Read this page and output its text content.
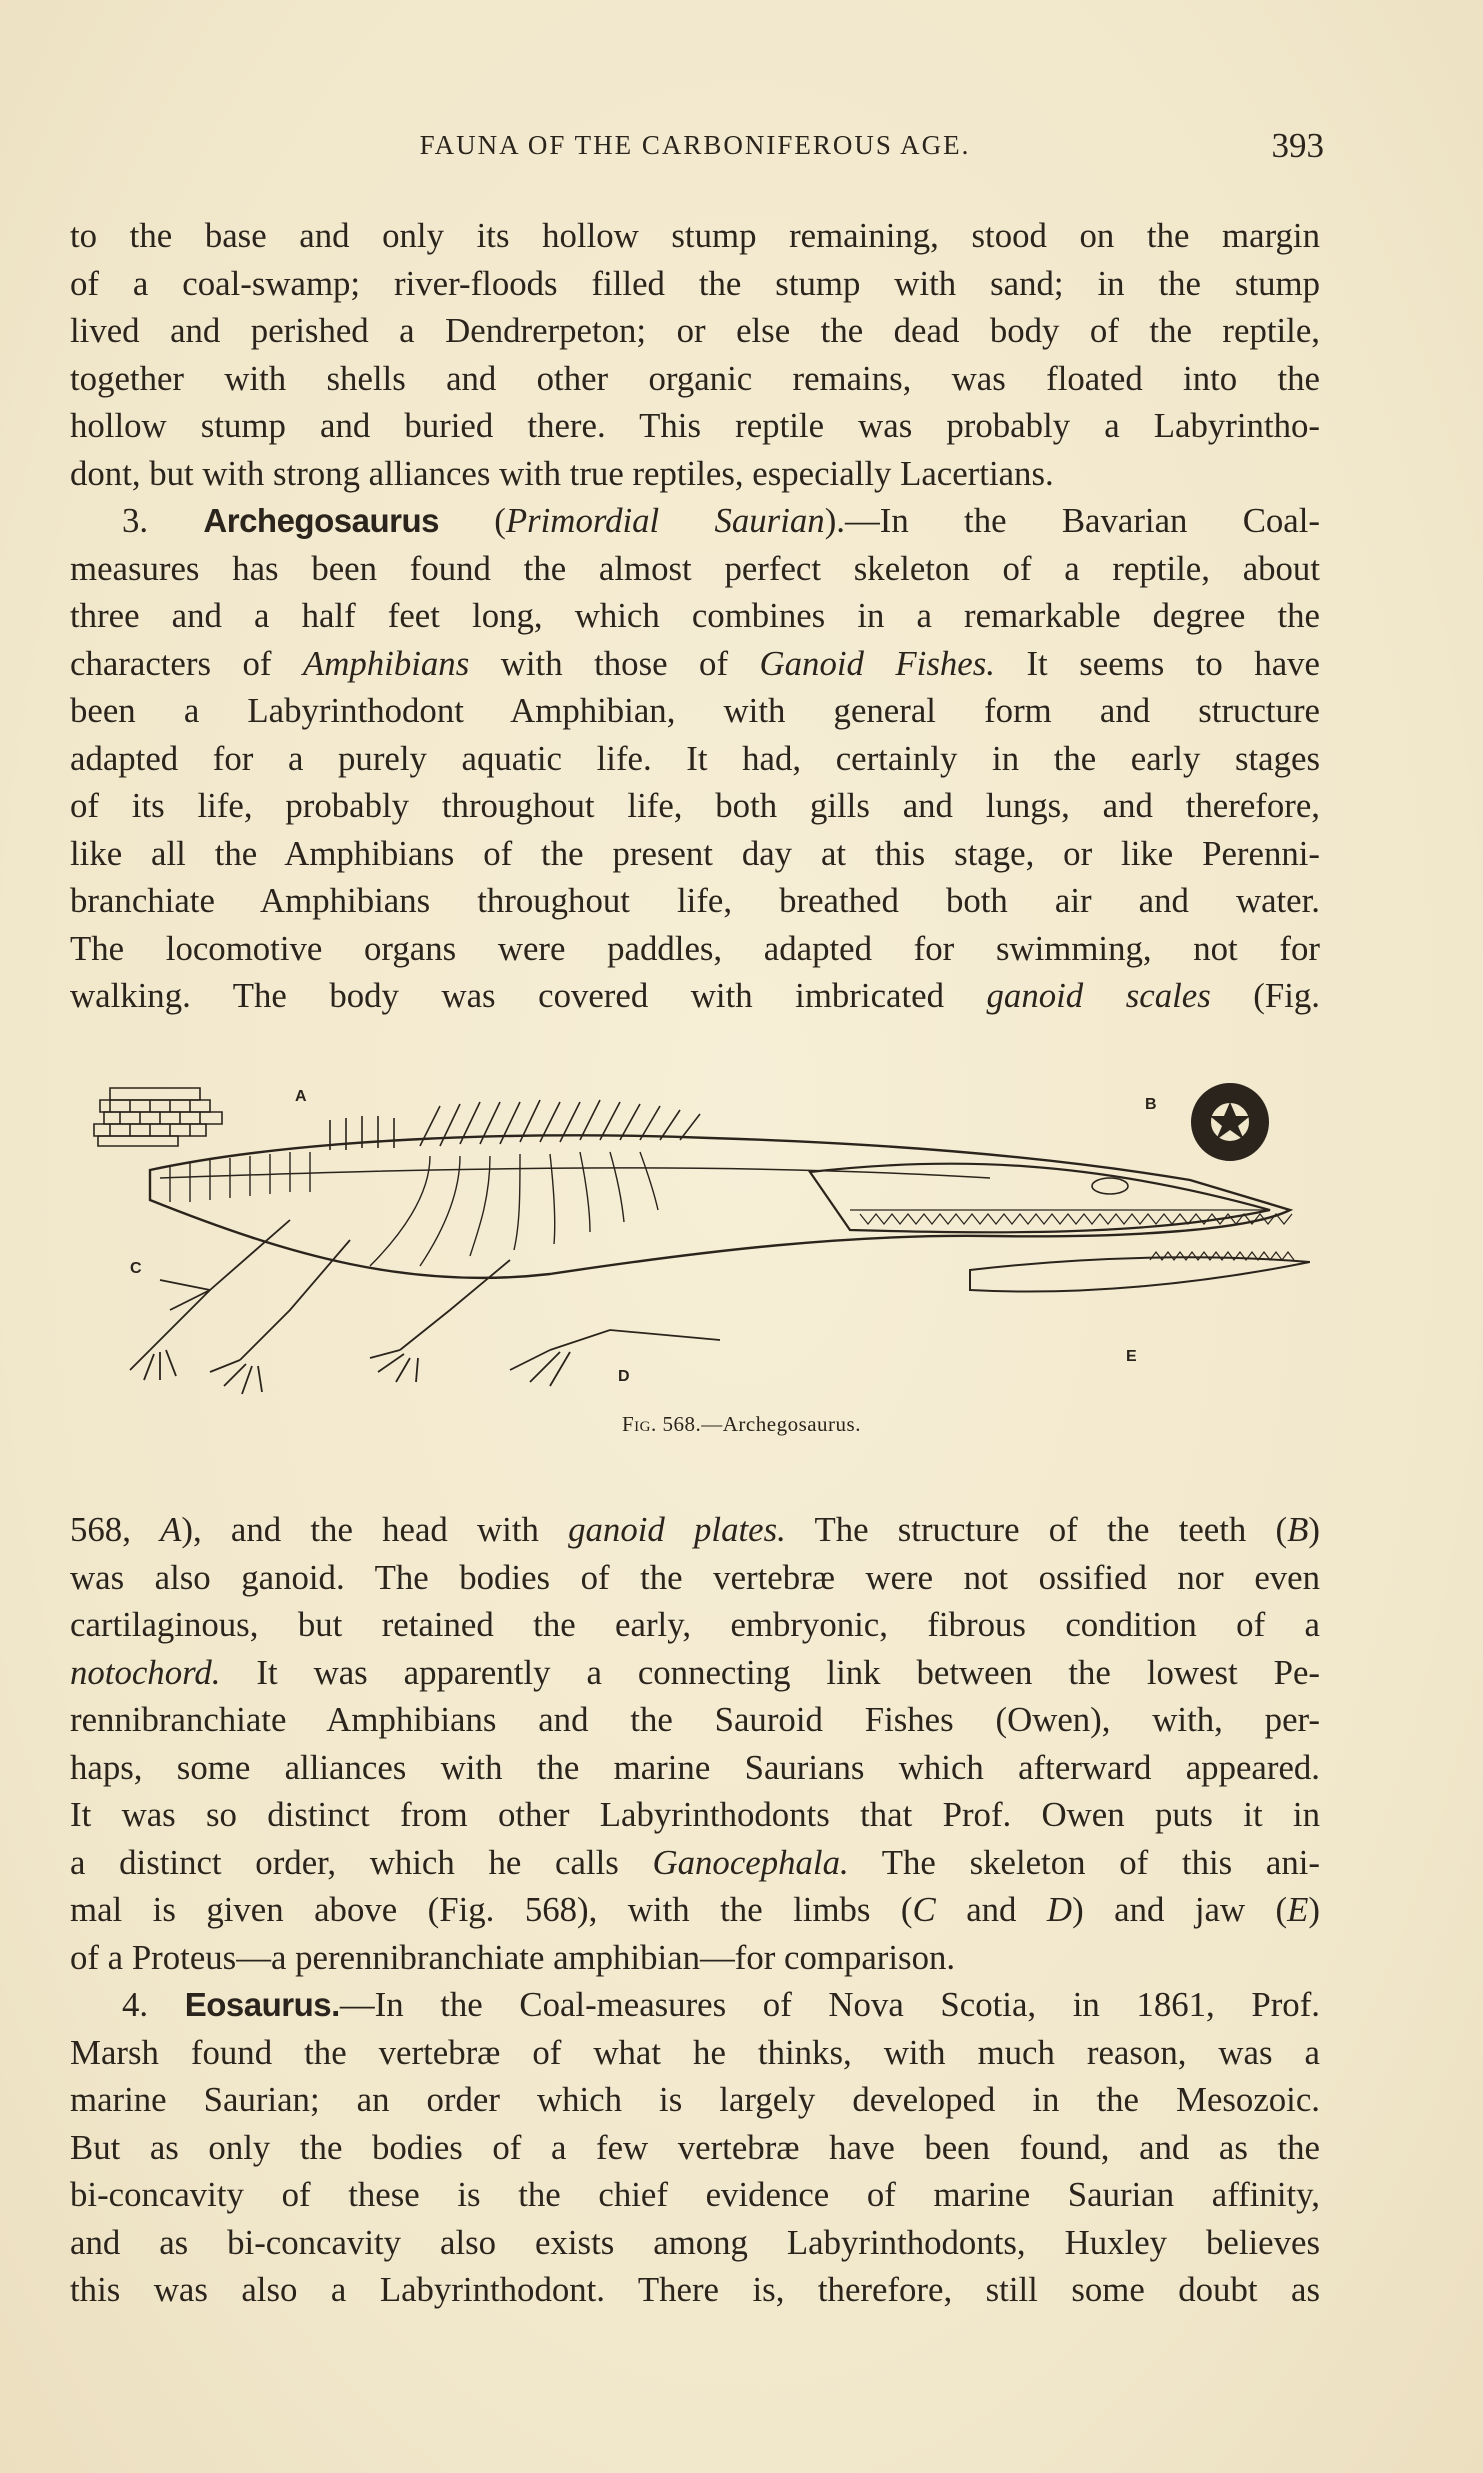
FAUNA OF THE CARBONIFEROUS AGE.	393
to the base and only its hollow stump remaining, stood on the margin
of a coal-swamp; river-floods filled the stump with sand; in the stump
lived and perished a Dendrerpeton; or else the dead body of the reptile,
together with shells and other organic remains, was floated into the
hollow stump and buried there. This reptile was probably a Labyrintho-
dont, but with strong alliances with true reptiles, especially Lacertians.
3. Archegosaurus (Primordial Saurian).—In the Bavarian Coal-
measures has been found the almost perfect skeleton of a reptile, about
three and a half feet long, which combines in a remarkable degree the
characters of Amphibians with those of Ganoid Fishes. It seems to have
been a Labyrinthodont Amphibian, with general form and structure
adapted for a purely aquatic life. It had, certainly in the early stages
of its life, probably throughout life, both gills and lungs, and therefore,
like all the Amphibians of the present day at this stage, or like Perenni-
branchiate Amphibians throughout life, breathed both air and water.
The locomotive organs were paddles, adapted for swimming, not for
walking. The body was covered with imbricated ganoid scales (Fig.
A	B
C
D
E
Fig. 568.—Archegosaurus.
568, A), and the head with ganoid plates. The structure of the teeth (B)
was also ganoid. The bodies of the vertebræ were not ossified nor even
cartilaginous, but retained the early, embryonic, fibrous condition of a
notochord. It was apparently a connecting link between the lowest Pe-
rennibranchiate Amphibians and the Sauroid Fishes (Owen), with, per-
haps, some alliances with the marine Saurians which afterward appeared.
It was so distinct from other Labyrinthodonts that Prof. Owen puts it in
a distinct order, which he calls Ganocephala. The skeleton of this ani-
mal is given above (Fig. 568), with the limbs (C and D) and jaw (E)
of a Proteus—a perennibranchiate amphibian—for comparison.
4. Eosaurus.—In the Coal-measures of Nova Scotia, in 1861, Prof.
Marsh found the vertebræ of what he thinks, with much reason, was a
marine Saurian; an order which is largely developed in the Mesozoic.
But as only the bodies of a few vertebræ have been found, and as the
bi-concavity of these is the chief evidence of marine Saurian affinity,
and as bi-concavity also exists among Labyrinthodonts, Huxley believes
this was also a Labyrinthodont. There is, therefore, still some doubt as
